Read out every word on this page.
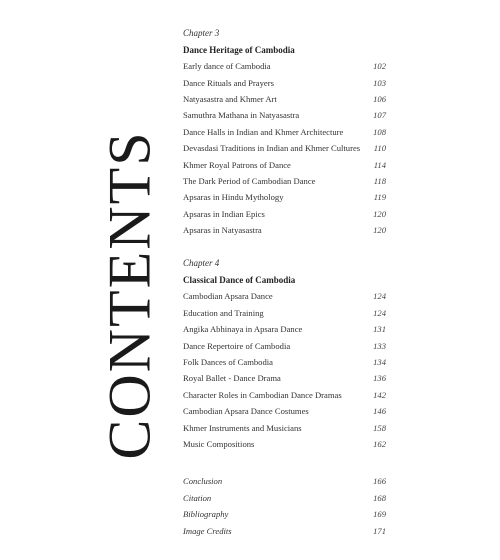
CONTENTS
Chapter 3
Dance Heritage of Cambodia
Early dance of Cambodia	102
Dance Rituals and Prayers	103
Natyasastra and Khmer Art	106
Samuthra Mathana in Natyasastra	107
Dance Halls in Indian and Khmer Architecture	108
Devasdasi Traditions in Indian and Khmer Cultures 110
Khmer Royal Patrons of Dance	114
The Dark Period of Cambodian Dance	118
Apsaras in Hindu Mythology	119
Apsaras in Indian Epics	120
Apsaras in Natyasastra	120
Chapter 4
Classical Dance of Cambodia
Cambodian Apsara Dance	124
Education and Training	124
Angika Abhinaya in Apsara Dance	131
Dance Repertoire of Cambodia	133
Folk Dances of Cambodia	134
Royal Ballet - Dance Drama	136
Character Roles in Cambodian Dance Dramas	142
Cambodian Apsara Dance Costumes	146
Khmer Instruments and Musicians	158
Music Compositions	162
Conclusion	166
Citation	168
Bibliography	169
Image Credits	171
